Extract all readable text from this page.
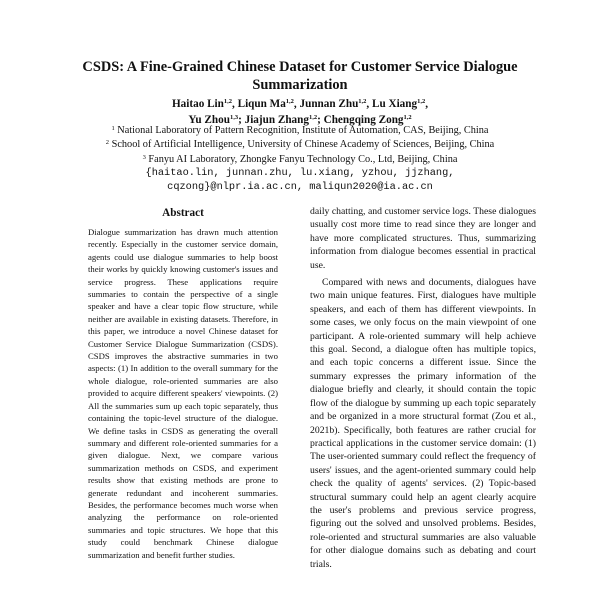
CSDS: A Fine-Grained Chinese Dataset for Customer Service Dialogue Summarization
Haitao Lin$^{1,2}$, Liqun Ma$^{1,2}$, Junnan Zhu$^{1,2}$, Lu Xiang$^{1,2}$,
Yu Zhou$^{1,3}$; Jiajun Zhang$^{1,2}$; Chengqing Zong$^{1,2}$
$^1$ National Laboratory of Pattern Recognition, Institute of Automation, CAS, Beijing, China
$^2$ School of Artificial Intelligence, University of Chinese Academy of Sciences, Beijing, China
$^3$ Fanyu AI Laboratory, Zhongke Fanyu Technology Co., Ltd, Beijing, China
{haitao.lin, junnan.zhu, lu.xiang, yzhou, jjzhang,
cqzong}@nlpr.ia.ac.cn, maliqun2020@ia.ac.cn
Abstract
Dialogue summarization has drawn much attention recently. Especially in the customer service domain, agents could use dialogue summaries to help boost their works by quickly knowing customer's issues and service progress. These applications require summaries to contain the perspective of a single speaker and have a clear topic flow structure, while neither are available in existing datasets. Therefore, in this paper, we introduce a novel Chinese dataset for Customer Service Dialogue Summarization (CSDS). CSDS improves the abstractive summaries in two aspects: (1) In addition to the overall summary for the whole dialogue, role-oriented summaries are also provided to acquire different speakers' viewpoints. (2) All the summaries sum up each topic separately, thus containing the topic-level structure of the dialogue. We define tasks in CSDS as generating the overall summary and different role-oriented summaries for a given dialogue. Next, we compare various summarization methods on CSDS, and experiment results show that existing methods are prone to generate redundant and incoherent summaries. Besides, the performance becomes much worse when analyzing the performance on role-oriented summaries and topic structures. We hope that this study could benchmark Chinese dialogue summarization and benefit further studies.

daily chatting, and customer service logs. These dialogues usually cost more time to read since they are longer and have more complicated structures. Thus, summarizing information from dialogue becomes essential in practical use.

Compared with news and documents, dialogues have two main unique features. First, dialogues have multiple speakers, and each of them has different viewpoints. In some cases, we only focus on the main viewpoint of one participant. A role-oriented summary will help achieve this goal. Second, a dialogue often has multiple topics, and each topic concerns a different issue. Since the summary expresses the primary information of the dialogue briefly and clearly, it should contain the topic flow of the dialogue by summing up each topic separately and be organized in a more structural format (Zou et al., 2021b). Specifically, both features are rather crucial for practical applications in the customer service domain: (1) The user-oriented summary could reflect the frequency of users' issues, and the agent-oriented summary could help check the quality of agents' services. (2) Topic-based structural summary could help an agent clearly acquire the user's problems and previous service progress, figuring out the solved and unsolved problems. Besides, role-oriented and structural summaries are also valuable for other dialogue domains such as debating and court trials.
